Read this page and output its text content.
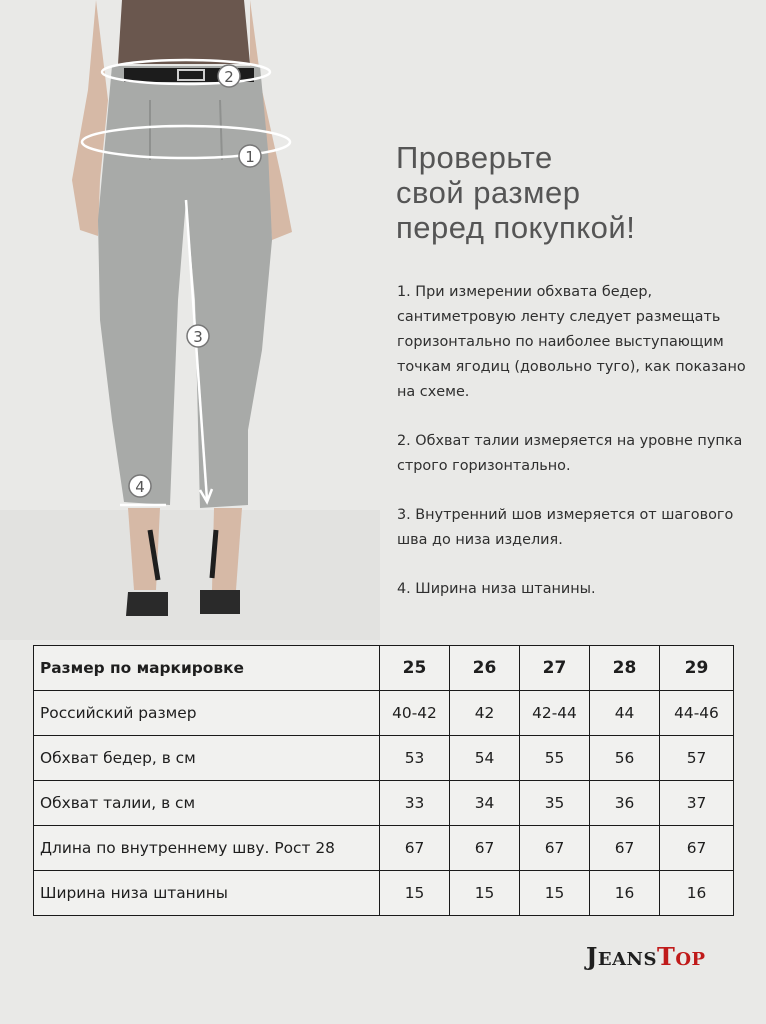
1
2
3
4
Проверьте
свой размер
перед покупкой!

1. При измерении обхвата бедер, сантиметровую ленту следует размещать горизонтально по наиболее выступающим точкам ягодиц (довольно туго), как показано на схеме.

2. Обхват талии измеряется на уровне пупка строго горизонтально.

3. Внутренний шов измеряется от шагового шва до низа изделия.

4. Ширина низа штанины.

Размер по маркировке	25	26	27	28	29
Российский размер	40-42	42	42-44	44	44-46
Обхват бедер, в см	53	54	55	56	57
Обхват талии, в см	33	34	35	36	37
Длина по внутреннему шву. Рост 28	67	67	67	67	67
Ширина низа штанины	15	15	15	16	16
JEANSTOP
